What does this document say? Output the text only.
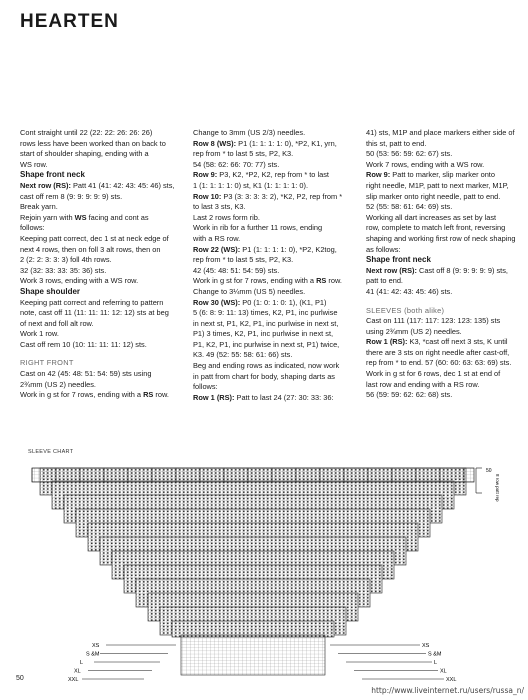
HEARTEN

Cont straight until 22 (22: 22: 26: 26: 26)
rows less have been worked than on back to
start of shoulder shaping, ending with a
WS row.

Shape front neck

Next row (RS): Patt 41 (41: 42: 43: 45: 46) sts,
cast off rem 8 (9: 9: 9: 9: 9) sts.

Break yarn.

Rejoin yarn with WS facing and cont as
follows:

Keeping patt correct, dec 1 st at neck edge of
next 4 rows, then on foll 3 alt rows, then on
2 (2: 2: 3: 3: 3) foll 4th rows.
32 (32: 33: 33: 35: 36) sts.
Work 3 rows, ending with a WS row.

Shape shoulder

Keeping patt correct and referring to pattern
note, cast off 11 (11: 11: 11: 12: 12) sts at beg
of next and foll alt row.
Work 1 row.
Cast off rem 10 (10: 11: 11: 11: 12) sts.

RIGHT FRONT

Cast on 42 (45: 48: 51: 54: 59) sts using
2¾mm (US 2) needles.

Work in g st for 7 rows, ending with a RS row.

Change to 3mm (US 2/3) needles.

Row 8 (WS): P1 (1: 1: 1: 1: 0), *P2, K1, yrn,
rep from * to last 5 sts, P2, K3.
54 (58: 62: 66: 70: 77) sts.

Row 9: P3, K2, *P2, K2, rep from * to last
1 (1: 1: 1: 1: 0) st, K1 (1: 1: 1: 1: 0).

Row 10: P3 (3: 3: 3: 3: 2), *K2, P2, rep from *
to last 3 sts, K3.

Last 2 rows form rib.
Work in rib for a further 11 rows, ending
with a RS row.

Row 22 (WS): P1 (1: 1: 1: 1: 0), *P2, K2tog,
rep from * to last 5 sts, P2, K3.
42 (45: 48: 51: 54: 59) sts.

Work in g st for 7 rows, ending with a RS row.
Change to 3¼mm (US 5) needles.

Row 30 (WS): P0 (1: 0: 1: 0: 1), (K1, P1)
5 (6: 8: 9: 11: 13) times, K2, P1, inc purlwise
in next st, P1, K2, P1, inc purlwise in next st,
P1) 3 times, K2, P1, inc purlwise in next st,
P1, K2, P1, inc purlwise in next st, P1) twice,
K3. 49 (52: 55: 58: 61: 66) sts.

Beg and ending rows as indicated, now work
in patt from chart for body, shaping darts as
follows:

Row 1 (RS): Patt to last 24 (27: 30: 33: 36:

41) sts, M1P and place markers either side of
this st, patt to end.
50 (53: 56: 59: 62: 67) sts.
Work 7 rows, ending with a WS row.

Row 9: Patt to marker, slip marker onto
right needle, M1P, patt to next marker, M1P,
slip marker onto right needle, patt to end.
52 (55: 58: 61: 64: 69) sts.

Working all dart increases as set by last
row, complete to match left front, reversing
shaping and working first row of neck shaping
as follows:

Shape front neck

Next row (RS): Cast off 8 (9: 9: 9: 9: 9) sts,
patt to end.
41 (41: 42: 43: 45: 46) sts.

SLEEVES (both alike)

Cast on 111 (117: 117: 123: 123: 135) sts
using 2¾mm (US 2) needles.

Row 1 (RS): K3, *cast off next 3 sts, K until
there are 3 sts on right needle after cast-off,
rep from * to end. 57 (60: 60: 63: 63: 69) sts.
Work in g st for 6 rows, dec 1 st at end of
last row and ending with a RS row.
56 (59: 59: 62: 62: 68) sts.

SLEEVE CHART
50
8 row patt rep
XS
S &M
L
XL
XXL
XS
S &M
L
XL
XXL
50
http://www.liveinternet.ru/users/russa_n/
